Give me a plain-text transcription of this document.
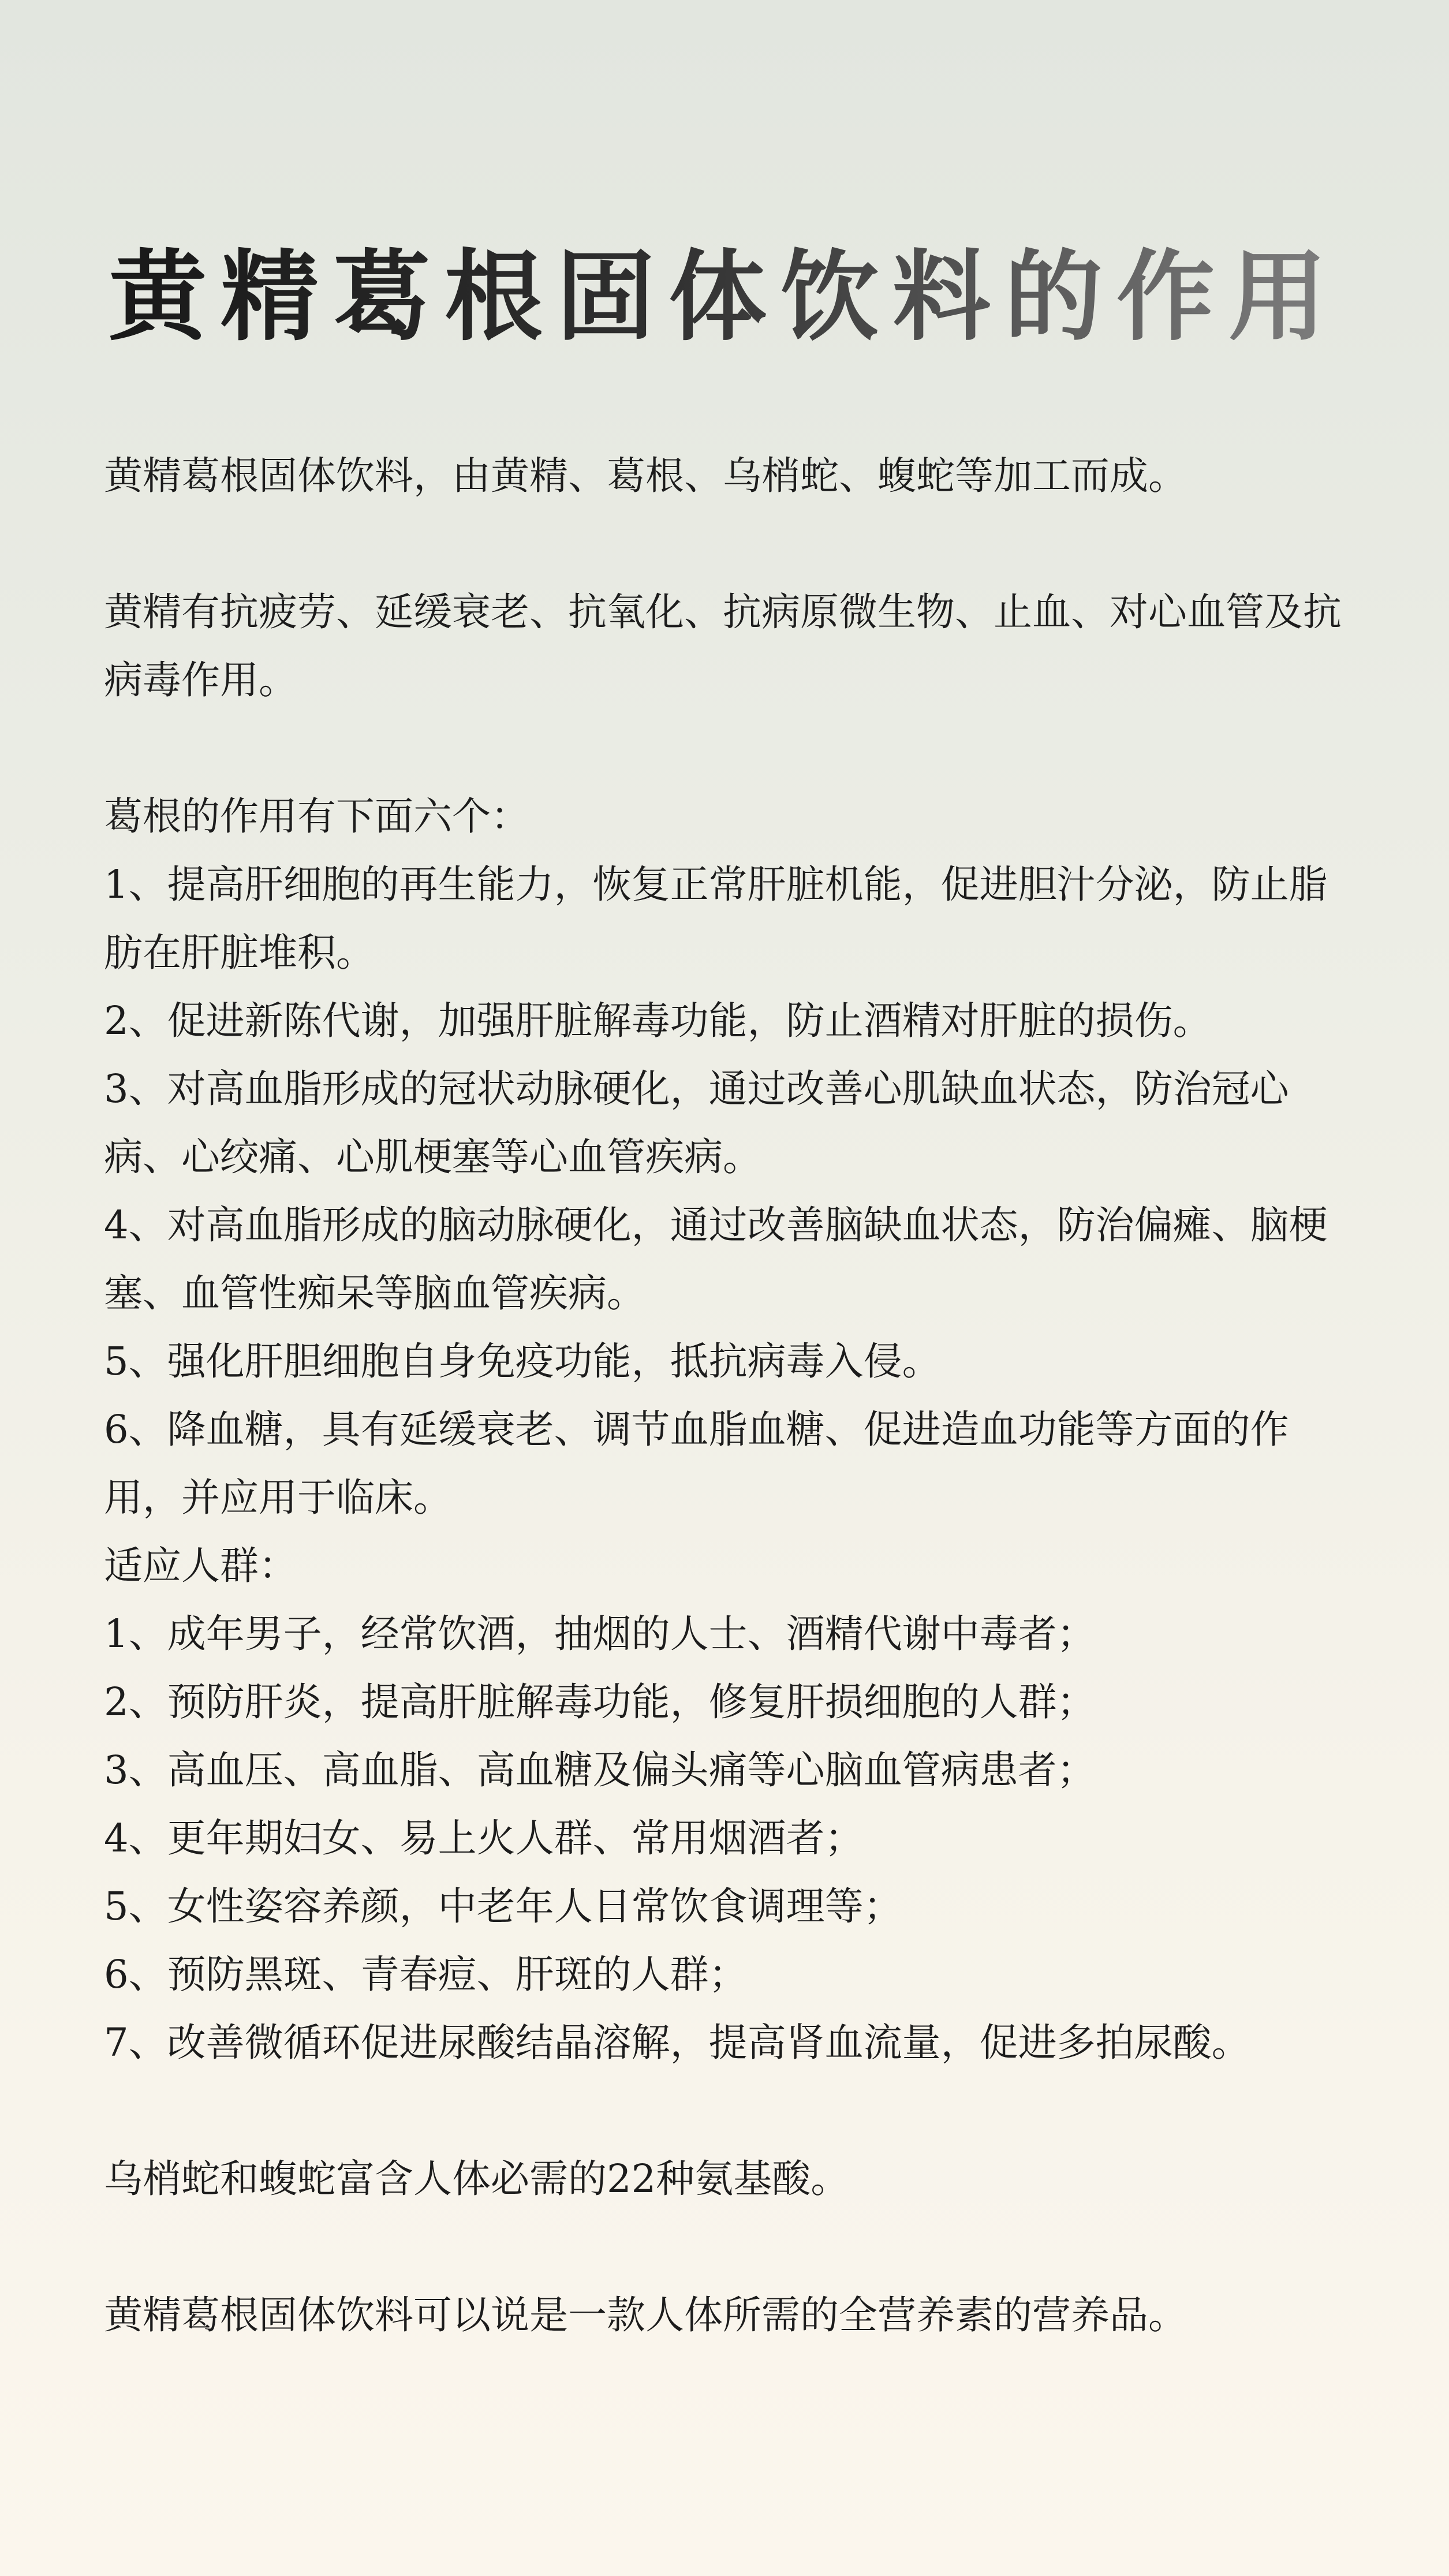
黄精葛根固体饮料的作用

黄精葛根固体饮料，由黄精、葛根、乌梢蛇、蝮蛇等加工而成。

黄精有抗疲劳、延缓衰老、抗氧化、抗病原微生物、止血、对心血管及抗病毒作用。

葛根的作用有下面六个：

1、提高肝细胞的再生能力，恢复正常肝脏机能，促进胆汁分泌，防止脂肪在肝脏堆积。

2、促进新陈代谢，加强肝脏解毒功能，防止酒精对肝脏的损伤。

3、对高血脂形成的冠状动脉硬化，通过改善心肌缺血状态，防治冠心病、心绞痛、心肌梗塞等心血管疾病。

4、对高血脂形成的脑动脉硬化，通过改善脑缺血状态，防治偏瘫、脑梗塞、血管性痴呆等脑血管疾病。

5、强化肝胆细胞自身免疫功能，抵抗病毒入侵。

6、降血糖，具有延缓衰老、调节血脂血糖、促进造血功能等方面的作用，并应用于临床。

适应人群：

1、成年男子，经常饮酒，抽烟的人士、酒精代谢中毒者；

2、预防肝炎，提高肝脏解毒功能，修复肝损细胞的人群；

3、高血压、高血脂、高血糖及偏头痛等心脑血管病患者；

4、更年期妇女、易上火人群、常用烟酒者；

5、女性姿容养颜，中老年人日常饮食调理等；

6、预防黑斑、青春痘、肝斑的人群；

7、改善微循环促进尿酸结晶溶解，提高肾血流量，促进多拍尿酸。

乌梢蛇和蝮蛇富含人体必需的22种氨基酸。

黄精葛根固体饮料可以说是一款人体所需的全营养素的营养品。
